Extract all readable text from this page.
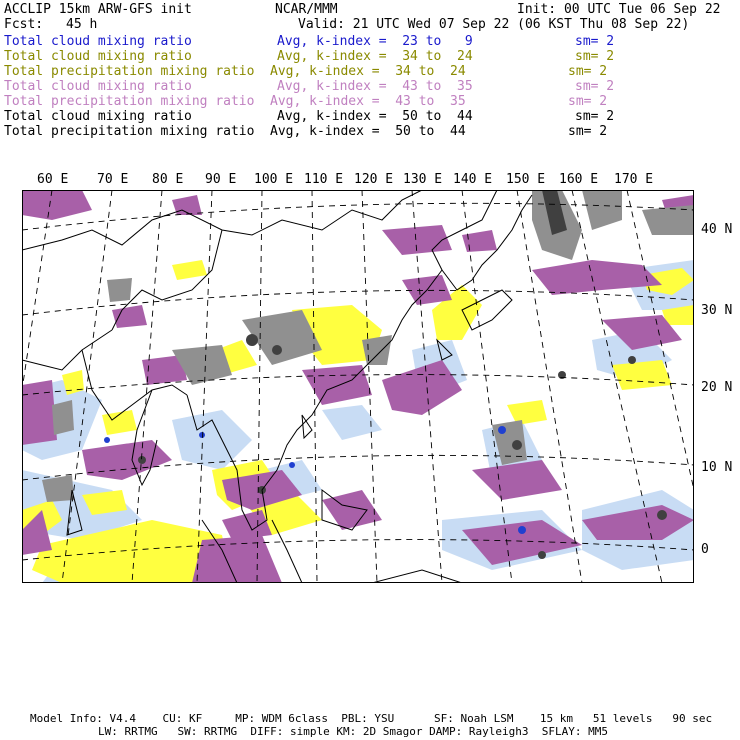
ACCLIP 15km ARW-GFS init	NCAR/MMM	Init: 00 UTC Tue 06 Sep 22
Fcst: 45 h	Valid: 21 UTC Wed 07 Sep 22 (06 KST Thu 08 Sep 22)
Total cloud mixing ratio	Avg, k-index =  23 to   9	sm= 2
Total cloud mixing ratio	Avg, k-index =  34 to  24	sm= 2
Total precipitation mixing ratio Avg, k-index =  34 to  24	sm= 2
Total cloud mixing ratio	Avg, k-index =  43 to  35	sm= 2
Total precipitation mixing ratio Avg, k-index =  43 to  35	sm= 2
Total cloud mixing ratio	Avg, k-index =  50 to  44	sm= 2
Total precipitation mixing ratio Avg, k-index =  50 to  44	sm= 2
60 E 70 E 80 E 90 E 100 E 110 E 120 E 130 E 140 E 150 E 160 E 170 E
40 N
30 N
20 N
10 N
0
Model Info: V4.4    CU: KF     MP: WDM 6class  PBL: YSU      SF: Noah LSM    15 km   51 levels   90 sec
LW: RRTMG   SW: RRTMG  DIFF: simple KM: 2D Smagor DAMP: Rayleigh3  SFLAY: MM5
